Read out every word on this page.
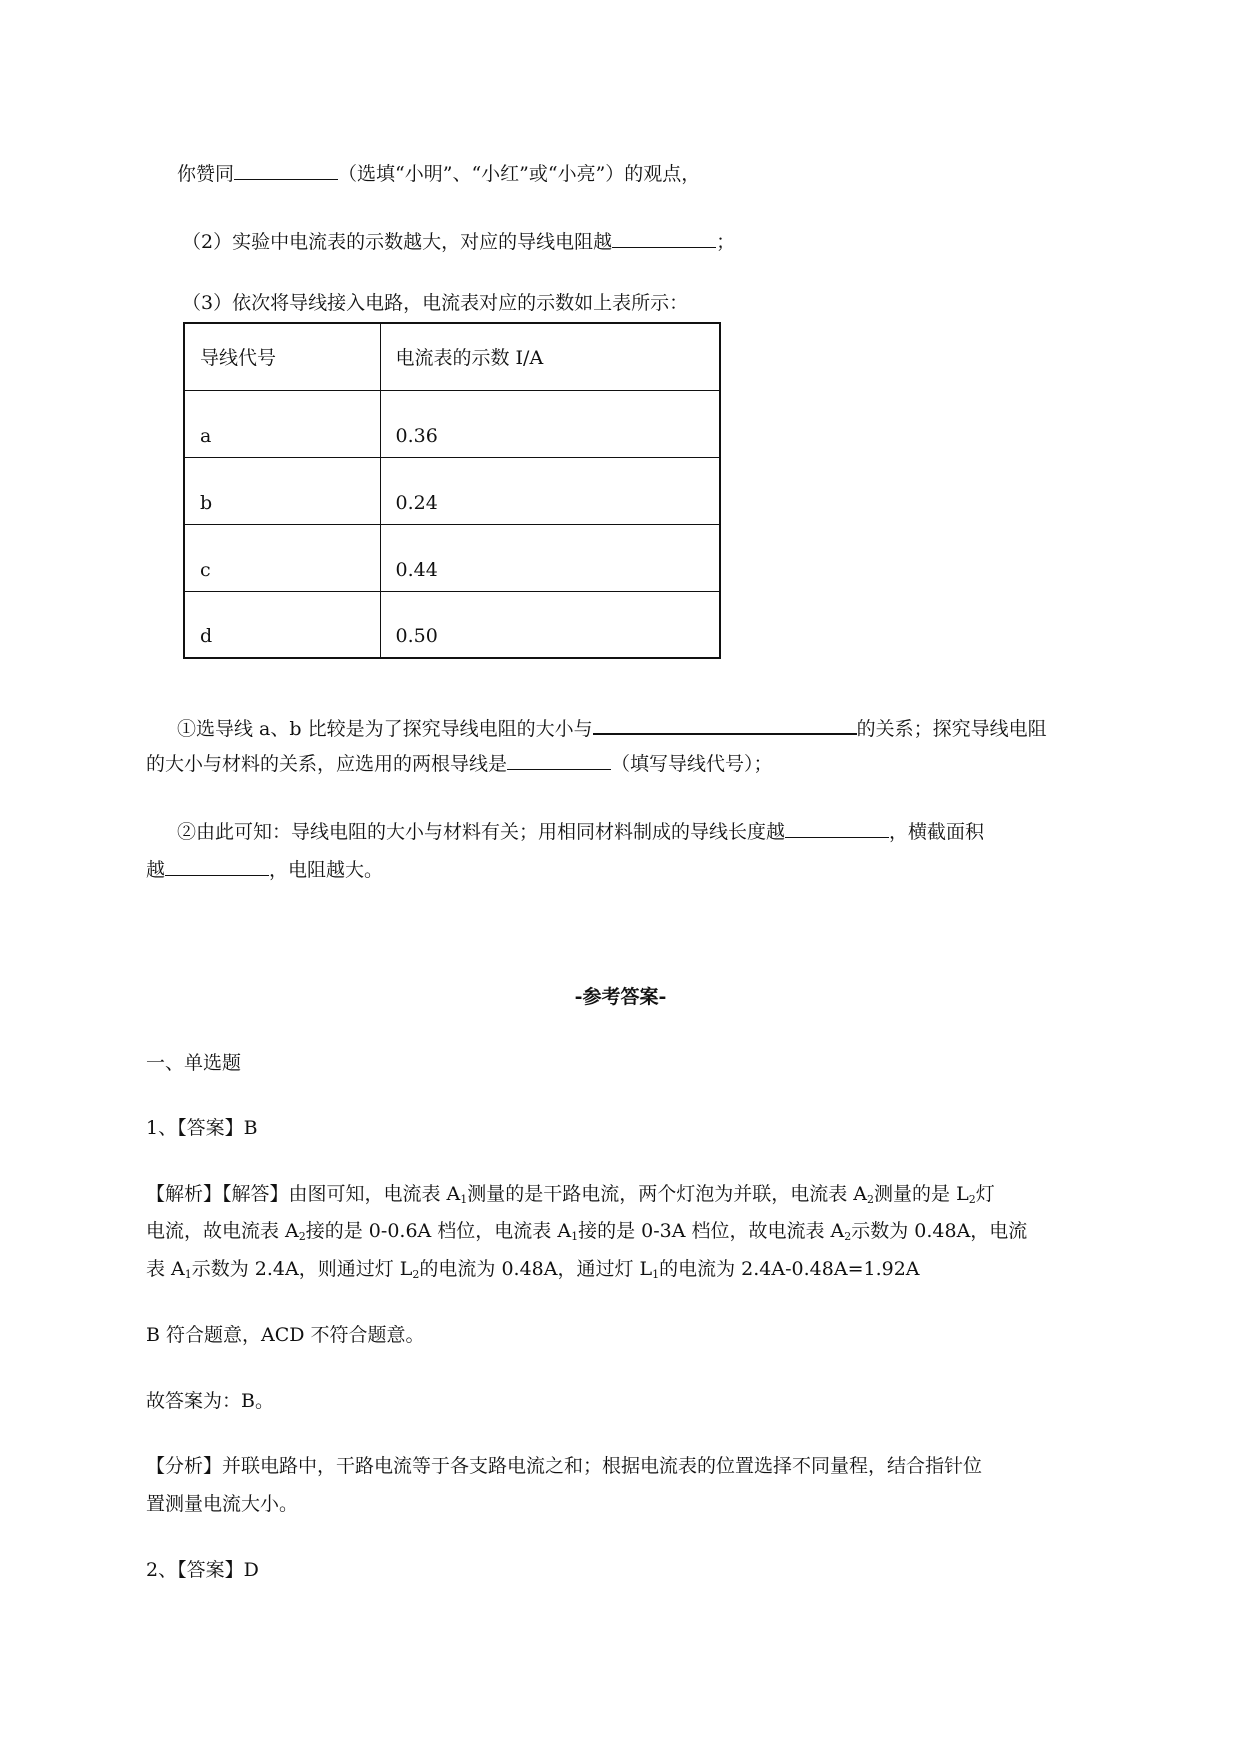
你赞同	（选填“小明”、“小红”或“小亮”）的观点，
（2）实验中电流表的示数越大，对应的导线电阻越	；
（3）依次将导线接入电路，电流表对应的示数如上表所示：
导线代号	电流表的示数 I/A
a	0.36
b	0.24
c	0.44
d	0.50
①选导线 a、b 比较是为了探究导线电阻的大小与	的关系；探究导线电阻
的大小与材料的关系，应选用的两根导线是	（填写导线代号）；
②由此可知：导线电阻的大小与材料有关；用相同材料制成的导线长度越	，横截面积
越	，电阻越大。
-参考答案-
一、单选题
1、【答案】B
【解析】【解答】由图可知，电流表 $A_1$测量的是干路电流，两个灯泡为并联，电流表 $A_2$测量的是 $L_2$灯
电流，故电流表 $A_2$接的是 0-0.6A 档位，电流表 $A_1$接的是 0-3A 档位，故电流表 $A_2$示数为 0.48A，电流
表 $A_1$示数为 2.4A，则通过灯 $L_2$的电流为 0.48A，通过灯 $L_1$的电流为 2.4A-0.48A=1.92A
B 符合题意，ACD 不符合题意。
故答案为：B。
【分析】并联电路中，干路电流等于各支路电流之和；根据电流表的位置选择不同量程，结合指针位
置测量电流大小。
2、【答案】D
